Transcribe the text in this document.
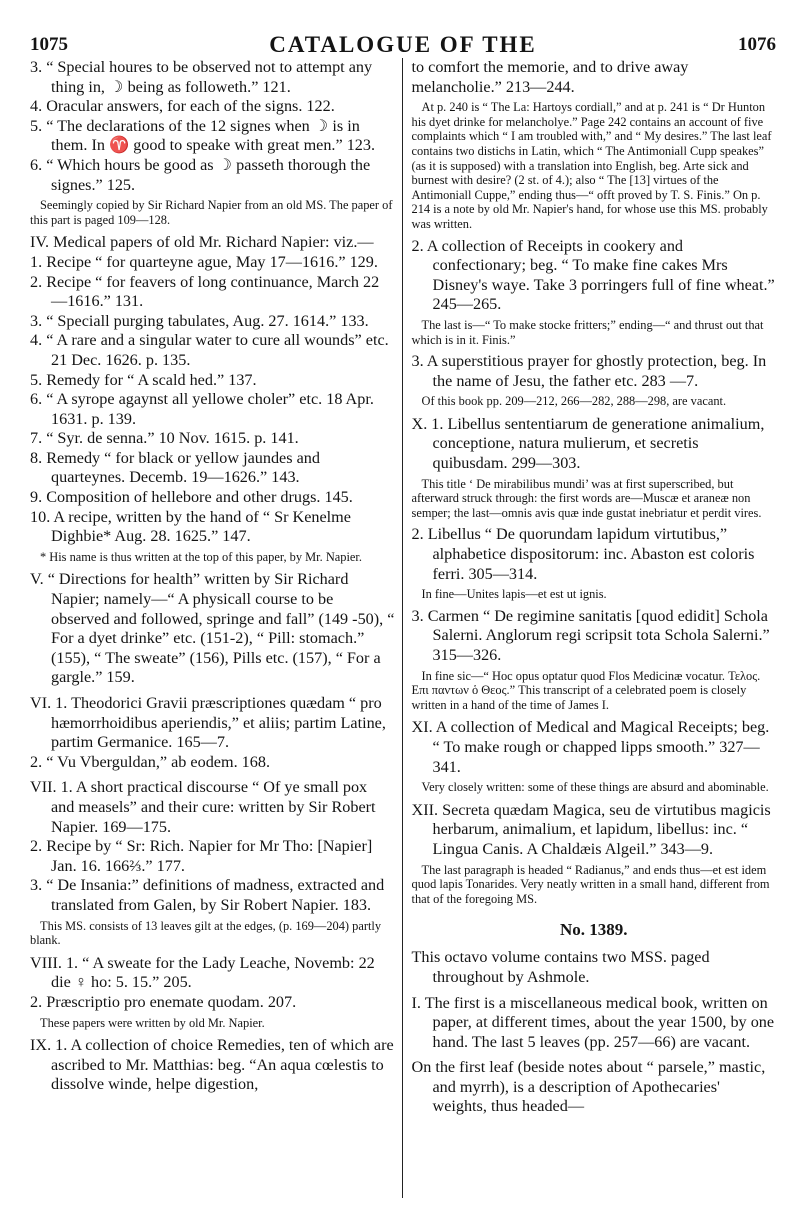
1075	CATALOGUE OF THE	1076

3. “ Special houres to be observed not to attempt any thing in, ☽ being as followeth.” 121.

4. Oracular answers, for each of the signs. 122.

5. “ The declarations of the 12 signes when ☽ is in them. In ♈ good to speake with great men.” 123.

6. “ Which hours be good as ☽ passeth thorough the signes.” 125.

Seemingly copied by Sir Richard Napier from an old MS. The paper of this part is paged 109—128.

IV. Medical papers of old Mr. Richard Napier: viz.—

1. Recipe “ for quarteyne ague, May 17—1616.” 129.

2. Recipe “ for feavers of long continuance, March 22—1616.” 131.

3. “ Speciall purging tabulates, Aug. 27. 1614.” 133.

4. “ A rare and a singular water to cure all wounds” etc. 21 Dec. 1626. p. 135.

5. Remedy for “ A scald hed.” 137.

6. “ A syrope agaynst all yellowe choler” etc. 18 Apr. 1631. p. 139.

7. “ Syr. de senna.” 10 Nov. 1615. p. 141.

8. Remedy “ for black or yellow jaundes and quarteynes. Decemb. 19—1626.” 143.

9. Composition of hellebore and other drugs. 145.

10. A recipe, written by the hand of “ Sr Kenelme Dighbie* Aug. 28. 1625.” 147.

* His name is thus written at the top of this paper, by Mr. Napier.

V. “ Directions for health” written by Sir Richard Napier; namely—“ A physicall course to be observed and followed, springe and fall” (149 -50), “ For a dyet drinke” etc. (151-2), “ Pill: stomach.” (155), “ The sweate” (156), Pills etc. (157), “ For a gargle.” 159.

VI. 1. Theodorici Gravii præscriptiones quædam “ pro hæmorrhoidibus aperiendis,” et aliis; partim Latine, partim Germanice. 165—7.

2. “ Vu Vberguldan,” ab eodem. 168.

VII. 1. A short practical discourse “ Of ye small pox and measels” and their cure: written by Sir Robert Napier. 169—175.

2. Recipe by “ Sr: Rich. Napier for Mr Tho: [Napier] Jan. 16. 166⅔.” 177.

3. “ De Insania:” definitions of madness, extracted and translated from Galen, by Sir Robert Napier. 183.

This MS. consists of 13 leaves gilt at the edges, (p. 169—204) partly blank.

VIII. 1. “ A sweate for the Lady Leache, Novemb: 22 die ♀ ho: 5. 15.” 205.

2. Præscriptio pro enemate quodam. 207.

These papers were written by old Mr. Napier.

IX. 1. A collection of choice Remedies, ten of which are ascribed to Mr. Matthias: beg. “An aqua cœlestis to dissolve winde, helpe digestion,

to comfort the memorie, and to drive away melancholie.” 213—244.

At p. 240 is “ The La: Hartoys cordiall,” and at p. 241 is “ Dr Hunton his dyet drinke for melancholye.” Page 242 contains an account of five complaints which “ I am troubled with,” and “ My desires.” The last leaf contains two distichs in Latin, which “ The Antimoniall Cupp speakes” (as it is supposed) with a translation into English, beg. Arte sick and burnest with desire? (2 st. of 4.); also “ The [13] virtues of the Antimoniall Cuppe,” ending thus—“ offt proved by T. S. Finis.” On p. 214 is a note by old Mr. Napier's hand, for whose use this MS. probably was written.

2. A collection of Receipts in cookery and confectionary; beg. “ To make fine cakes Mrs Disney's waye. Take 3 porringers full of fine wheat.” 245—265.

The last is—“ To make stocke fritters;” ending—“ and thrust out that which is in it. Finis.”

3. A superstitious prayer for ghostly protection, beg. In the name of Jesu, the father etc. 283 —7.

Of this book pp. 209—212, 266—282, 288—298, are vacant.

X. 1. Libellus sententiarum de generatione animalium, conceptione, natura mulierum, et secretis quibusdam. 299—303.

This title ‘ De mirabilibus mundi’ was at first superscribed, but afterward struck through: the first words are—Muscæ et araneæ non semper; the last—omnis avis quæ inde gustat inebriatur et perdit vires.

2. Libellus “ De quorundam lapidum virtutibus,” alphabetice dispositorum: inc. Abaston est coloris ferri. 305—314.

In fine—Unites lapis—et est ut ignis.

3. Carmen “ De regimine sanitatis [quod edidit] Schola Salerni. Anglorum regi scripsit tota Schola Salerni.” 315—326.

In fine sic—“ Hoc opus optatur quod Flos Medicinæ vocatur. Τελος. Επι παντων ὁ Θεος.” This transcript of a celebrated poem is closely written in a hand of the time of James I.

XI. A collection of Medical and Magical Receipts; beg. “ To make rough or chapped lipps smooth.” 327—341.

Very closely written: some of these things are absurd and abominable.

XII. Secreta quædam Magica, seu de virtutibus magicis herbarum, animalium, et lapidum, libellus: inc. “ Lingua Canis. A Chaldæis Algeil.” 343—9.

The last paragraph is headed “ Radianus,” and ends thus—et est idem quod lapis Tonarides. Very neatly written in a small hand, different from that of the foregoing MS.

No. 1389.

This octavo volume contains two MSS. paged throughout by Ashmole.

I. The first is a miscellaneous medical book, written on paper, at different times, about the year 1500, by one hand. The last 5 leaves (pp. 257—66) are vacant.

On the first leaf (beside notes about “ parsele,” mastic, and myrrh), is a description of Apothecaries' weights, thus headed—
